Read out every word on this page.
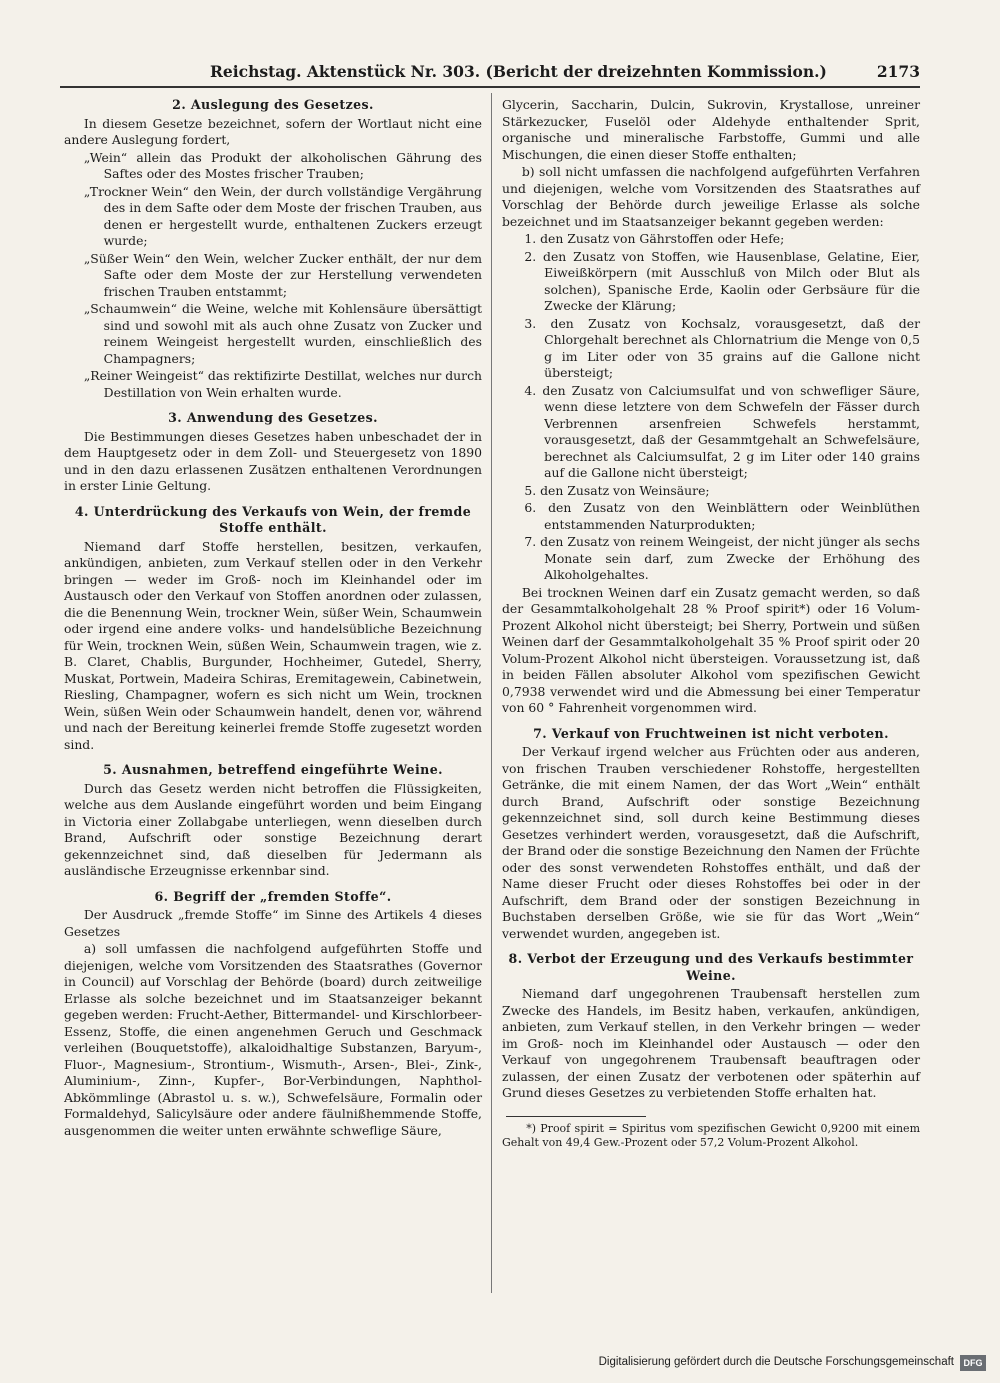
Reichstag. Aktenstück Nr. 303. (Bericht der dreizehnten Kommission.)	2173
2. Auslegung des Gesetzes.

In diesem Gesetze bezeichnet, sofern der Wortlaut nicht eine andere Auslegung fordert,

„Wein“ allein das Produkt der alkoholischen Gährung des Saftes oder des Mostes frischer Trauben;

„Trockner Wein“ den Wein, der durch vollständige Vergährung des in dem Safte oder dem Moste der frischen Trauben, aus denen er hergestellt wurde, enthaltenen Zuckers erzeugt wurde;

„Süßer Wein“ den Wein, welcher Zucker enthält, der nur dem Safte oder dem Moste der zur Herstellung verwendeten frischen Trauben entstammt;

„Schaumwein“ die Weine, welche mit Kohlensäure übersättigt sind und sowohl mit als auch ohne Zusatz von Zucker und reinem Weingeist hergestellt wurden, einschließlich des Champagners;

„Reiner Weingeist“ das rektifizirte Destillat, welches nur durch Destillation von Wein erhalten wurde.

3. Anwendung des Gesetzes.

Die Bestimmungen dieses Gesetzes haben unbeschadet der in dem Hauptgesetz oder in dem Zoll- und Steuergesetz von 1890 und in den dazu erlassenen Zusätzen enthaltenen Verordnungen in erster Linie Geltung.

4. Unterdrückung des Verkaufs von Wein, der fremde Stoffe enthält.

Niemand darf Stoffe herstellen, besitzen, verkaufen, ankündigen, anbieten, zum Verkauf stellen oder in den Verkehr bringen — weder im Groß- noch im Kleinhandel oder im Austausch oder den Verkauf von Stoffen anordnen oder zulassen, die die Benennung Wein, trockner Wein, süßer Wein, Schaumwein oder irgend eine andere volks- und handelsübliche Bezeichnung für Wein, trocknen Wein, süßen Wein, Schaumwein tragen, wie z. B. Claret, Chablis, Burgunder, Hochheimer, Gutedel, Sherry, Muskat, Portwein, Madeira Schiras, Eremitagewein, Cabinetwein, Riesling, Champagner, wofern es sich nicht um Wein, trocknen Wein, süßen Wein oder Schaumwein handelt, denen vor, während und nach der Bereitung keinerlei fremde Stoffe zugesetzt worden sind.

5. Ausnahmen, betreffend eingeführte Weine.

Durch das Gesetz werden nicht betroffen die Flüssigkeiten, welche aus dem Auslande eingeführt worden und beim Eingang in Victoria einer Zollabgabe unterliegen, wenn dieselben durch Brand, Aufschrift oder sonstige Bezeichnung derart gekennzeichnet sind, daß dieselben für Jedermann als ausländische Erzeugnisse erkennbar sind.

6. Begriff der „fremden Stoffe“.

Der Ausdruck „fremde Stoffe“ im Sinne des Artikels 4 dieses Gesetzes

a) soll umfassen die nachfolgend aufgeführten Stoffe und diejenigen, welche vom Vorsitzenden des Staatsrathes (Governor in Council) auf Vorschlag der Behörde (board) durch zeitweilige Erlasse als solche bezeichnet und im Staatsanzeiger bekannt gegeben werden: Frucht-Aether, Bittermandel- und Kirschlorbeer-Essenz, Stoffe, die einen angenehmen Geruch und Geschmack verleihen (Bouquetstoffe), alkaloidhaltige Substanzen, Baryum-, Fluor-, Magnesium-, Strontium-, Wismuth-, Arsen-, Blei-, Zink-, Aluminium-, Zinn-, Kupfer-, Bor-Verbindungen, Naphthol-Abkömmlinge (Abrastol u. s. w.), Schwefelsäure, Formalin oder Formaldehyd, Salicylsäure oder andere fäulnißhemmende Stoffe, ausgenommen die weiter unten erwähnte schweflige Säure,

Glycerin, Saccharin, Dulcin, Sukrovin, Krystallose, unreiner Stärkezucker, Fuselöl oder Aldehyde enthaltender Sprit, organische und mineralische Farbstoffe, Gummi und alle Mischungen, die einen dieser Stoffe enthalten;

b) soll nicht umfassen die nachfolgend aufgeführten Verfahren und diejenigen, welche vom Vorsitzenden des Staatsrathes auf Vorschlag der Behörde durch jeweilige Erlasse als solche bezeichnet und im Staatsanzeiger bekannt gegeben werden:

1. den Zusatz von Gährstoffen oder Hefe;

2. den Zusatz von Stoffen, wie Hausenblase, Gelatine, Eier, Eiweißkörpern (mit Ausschluß von Milch oder Blut als solchen), Spanische Erde, Kaolin oder Gerbsäure für die Zwecke der Klärung;

3. den Zusatz von Kochsalz, vorausgesetzt, daß der Chlorgehalt berechnet als Chlornatrium die Menge von 0,5 g im Liter oder von 35 grains auf die Gallone nicht übersteigt;

4. den Zusatz von Calciumsulfat und von schwefliger Säure, wenn diese letztere von dem Schwefeln der Fässer durch Verbrennen arsenfreien Schwefels herstammt, vorausgesetzt, daß der Gesammtgehalt an Schwefelsäure, berechnet als Calciumsulfat, 2 g im Liter oder 140 grains auf die Gallone nicht übersteigt;

5. den Zusatz von Weinsäure;

6. den Zusatz von den Weinblättern oder Weinblüthen entstammenden Naturprodukten;

7. den Zusatz von reinem Weingeist, der nicht jünger als sechs Monate sein darf, zum Zwecke der Erhöhung des Alkoholgehaltes.

Bei trocknen Weinen darf ein Zusatz gemacht werden, so daß der Gesammtalkoholgehalt 28 % Proof spirit*) oder 16 Volum-Prozent Alkohol nicht übersteigt; bei Sherry, Portwein und süßen Weinen darf der Gesammtalkoholgehalt 35 % Proof spirit oder 20 Volum-Prozent Alkohol nicht übersteigen. Voraussetzung ist, daß in beiden Fällen absoluter Alkohol vom spezifischen Gewicht 0,7938 verwendet wird und die Abmessung bei einer Temperatur von 60 ° Fahrenheit vorgenommen wird.

7. Verkauf von Fruchtweinen ist nicht verboten.

Der Verkauf irgend welcher aus Früchten oder aus anderen, von frischen Trauben verschiedener Rohstoffe, hergestellten Getränke, die mit einem Namen, der das Wort „Wein“ enthält durch Brand, Aufschrift oder sonstige Bezeichnung gekennzeichnet sind, soll durch keine Bestimmung dieses Gesetzes verhindert werden, vorausgesetzt, daß die Aufschrift, der Brand oder die sonstige Bezeichnung den Namen der Früchte oder des sonst verwendeten Rohstoffes enthält, und daß der Name dieser Frucht oder dieses Rohstoffes bei oder in der Aufschrift, dem Brand oder der sonstigen Bezeichnung in Buchstaben derselben Größe, wie sie für das Wort „Wein“ verwendet wurden, angegeben ist.

8. Verbot der Erzeugung und des Verkaufs bestimmter Weine.

Niemand darf ungegohrenen Traubensaft herstellen zum Zwecke des Handels, im Besitz haben, verkaufen, ankündigen, anbieten, zum Verkauf stellen, in den Verkehr bringen — weder im Groß- noch im Kleinhandel oder Austausch — oder den Verkauf von ungegohrenem Traubensaft beauftragen oder zulassen, der einen Zusatz der verbotenen oder späterhin auf Grund dieses Gesetzes zu verbietenden Stoffe erhalten hat.

*) Proof spirit = Spiritus vom spezifischen Gewicht 0,9200 mit einem Gehalt von 49,4 Gew.-Prozent oder 57,2 Volum-Prozent Alkohol.

Digitalisierung gefördert durch die Deutsche Forschungsgemeinschaft	DFG
